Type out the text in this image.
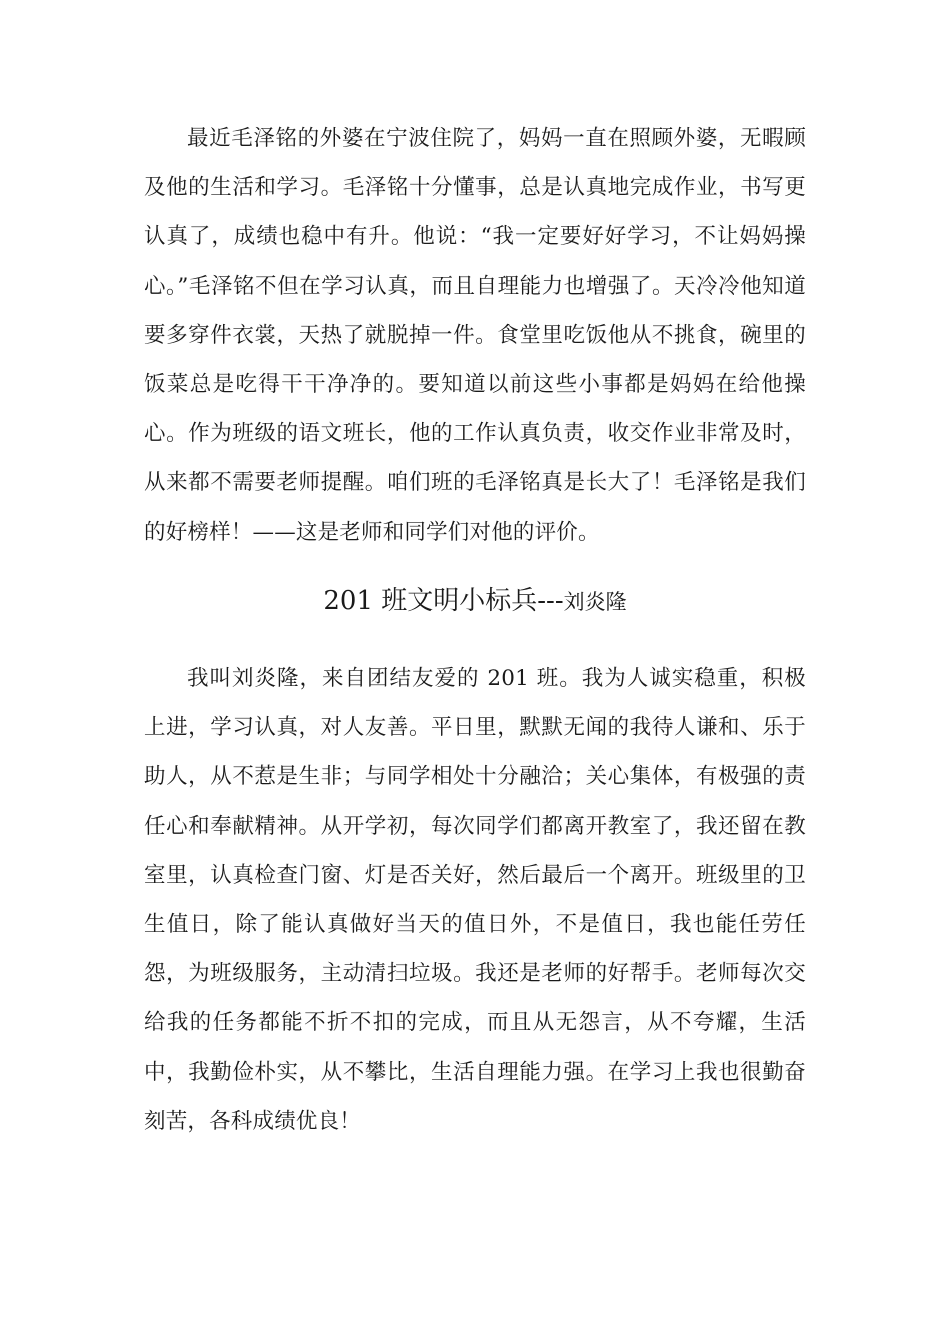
最近毛泽铭的外婆在宁波住院了，妈妈一直在照顾外婆，无暇顾及他的生活和学习。毛泽铭十分懂事，总是认真地完成作业，书写更认真了，成绩也稳中有升。他说：“我一定要好好学习，不让妈妈操心。”毛泽铭不但在学习认真，而且自理能力也增强了。天冷冷他知道要多穿件衣裳，天热了就脱掉一件。食堂里吃饭他从不挑食，碗里的饭菜总是吃得干干净净的。要知道以前这些小事都是妈妈在给他操心。作为班级的语文班长，他的工作认真负责，收交作业非常及时，从来都不需要老师提醒。咱们班的毛泽铭真是长大了！毛泽铭是我们的好榜样！——这是老师和同学们对他的评价。

201 班文明小标兵---刘炎隆

我叫刘炎隆，来自团结友爱的 201 班。我为人诚实稳重，积极上进，学习认真，对人友善。平日里，默默无闻的我待人谦和、乐于助人，从不惹是生非；与同学相处十分融洽；关心集体，有极强的责任心和奉献精神。从开学初，每次同学们都离开教室了，我还留在教室里，认真检查门窗、灯是否关好，然后最后一个离开。班级里的卫生值日，除了能认真做好当天的值日外，不是值日，我也能任劳任怨，为班级服务，主动清扫垃圾。我还是老师的好帮手。老师每次交给我的任务都能不折不扣的完成，而且从无怨言，从不夸耀，生活中，我勤俭朴实，从不攀比，生活自理能力强。在学习上我也很勤奋刻苦，各科成绩优良！
